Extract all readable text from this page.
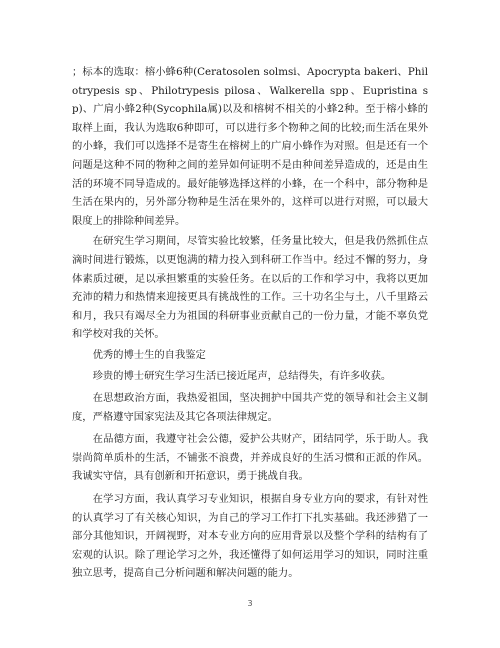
；标本的选取：榕小蜂6种(Ceratosolen solmsi、Apocrypta bakeri、Philotrypesis sp、Philotrypesis pilosa、Walkerella spp、Eupristina sp)、广肩小蜂2种(Sycophila属)以及和榕树不相关的小蜂2种。至于榕小蜂的取样上面，我认为选取6种即可，可以进行多个物种之间的比较;而生活在果外的小蜂，我们可以选择不是寄生在榕树上的广肩小蜂作为对照。但是还有一个问题是这种不同的物种之间的差异如何证明不是由种间差异造成的，还是由生活的环境不同导造成的。最好能够选择这样的小蜂，在一个科中，部分物种是生活在果内的，另外部分物种是生活在果外的，这样可以进行对照，可以最大限度上的排除种间差异。

在研究生学习期间，尽管实验比较繁，任务量比较大，但是我仍然抓住点滴时间进行锻炼，以更饱满的精力投入到科研工作当中。经过不懈的努力，身体素质过硬，足以承担繁重的实验任务。在以后的工作和学习中，我将以更加充沛的精力和热情来迎接更具有挑战性的工作。三十功名尘与土，八千里路云和月，我只有竭尽全力为祖国的科研事业贡献自己的一份力量，才能不辜负党和学校对我的关怀。

优秀的博士生的自我鉴定

珍贵的博士研究生学习生活已接近尾声，总结得失，有许多收获。

在思想政治方面，我热爱祖国，坚决拥护中国共产党的领导和社会主义制度，严格遵守国家宪法及其它各项法律规定。

在品德方面，我遵守社会公德，爱护公共财产，团结同学，乐于助人。我崇尚简单质朴的生活，不铺张不浪费，并养成良好的生活习惯和正派的作风。我诚实守信，具有创新和开拓意识，勇于挑战自我。

在学习方面，我认真学习专业知识，根据自身专业方向的要求，有针对性的认真学习了有关核心知识，为自己的学习工作打下扎实基础。我还涉猎了一部分其他知识，开阔视野，对本专业方向的应用背景以及整个学科的结构有了宏观的认识。除了理论学习之外，我还懂得了如何运用学习的知识，同时注重独立思考，提高自己分析问题和解决问题的能力。

3
